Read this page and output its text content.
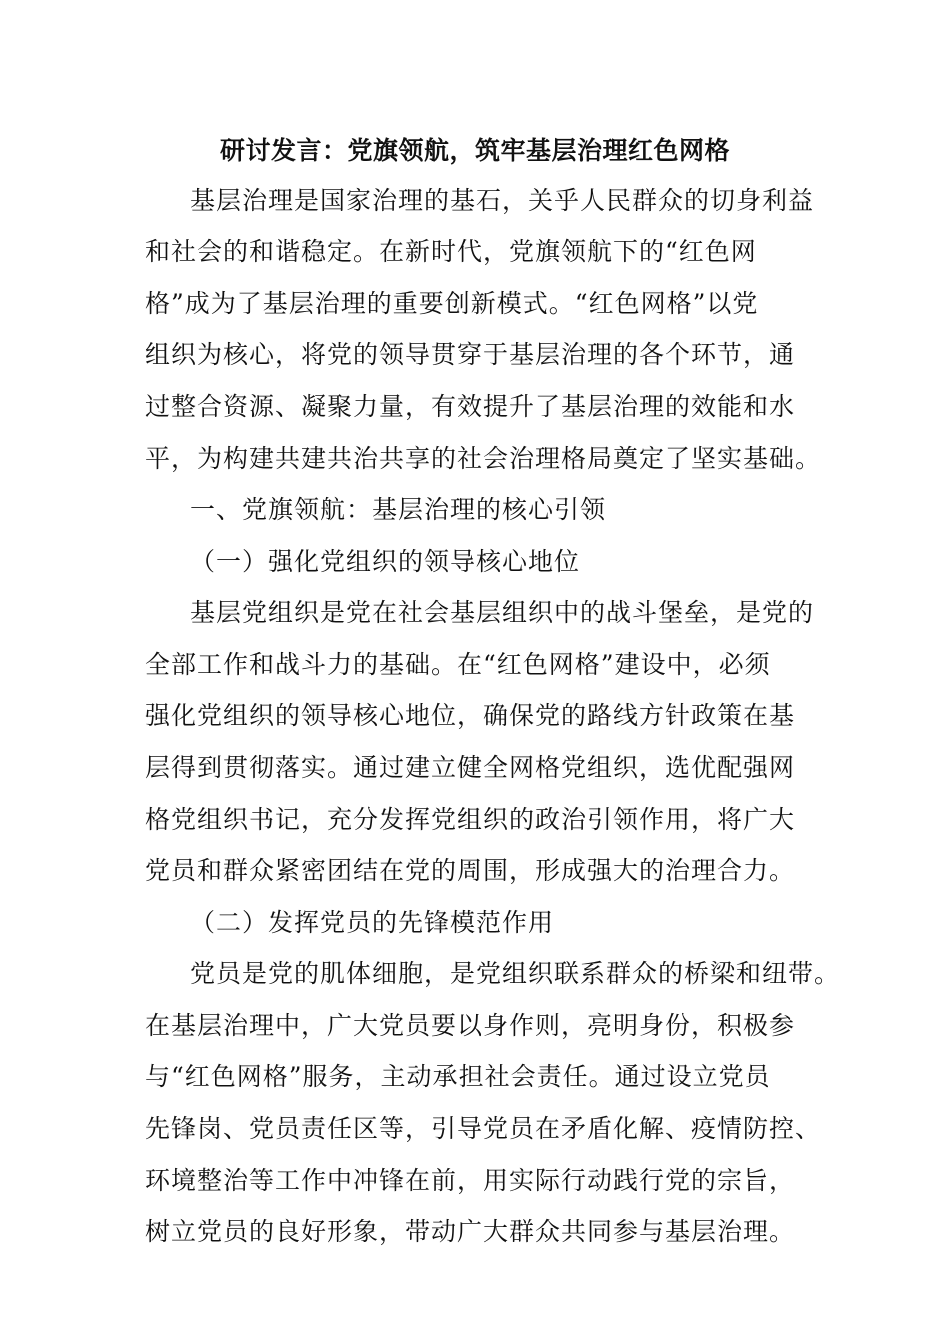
研讨发言：党旗领航，筑牢基层治理红色网格
基层治理是国家治理的基石，关乎人民群众的切身利益
和社会的和谐稳定。在新时代，党旗领航下的“红色网
格”成为了基层治理的重要创新模式。“红色网格”以党
组织为核心，将党的领导贯穿于基层治理的各个环节，通
过整合资源、凝聚力量，有效提升了基层治理的效能和水
平，为构建共建共治共享的社会治理格局奠定了坚实基础。
一、党旗领航：基层治理的核心引领
（一）强化党组织的领导核心地位
基层党组织是党在社会基层组织中的战斗堡垒，是党的
全部工作和战斗力的基础。在“红色网格”建设中，必须
强化党组织的领导核心地位，确保党的路线方针政策在基
层得到贯彻落实。通过建立健全网格党组织，选优配强网
格党组织书记，充分发挥党组织的政治引领作用，将广大
党员和群众紧密团结在党的周围，形成强大的治理合力。
（二）发挥党员的先锋模范作用
党员是党的肌体细胞，是党组织联系群众的桥梁和纽带。
在基层治理中，广大党员要以身作则，亮明身份，积极参
与“红色网格”服务，主动承担社会责任。通过设立党员
先锋岗、党员责任区等，引导党员在矛盾化解、疫情防控、
环境整治等工作中冲锋在前，用实际行动践行党的宗旨，
树立党员的良好形象，带动广大群众共同参与基层治理。
